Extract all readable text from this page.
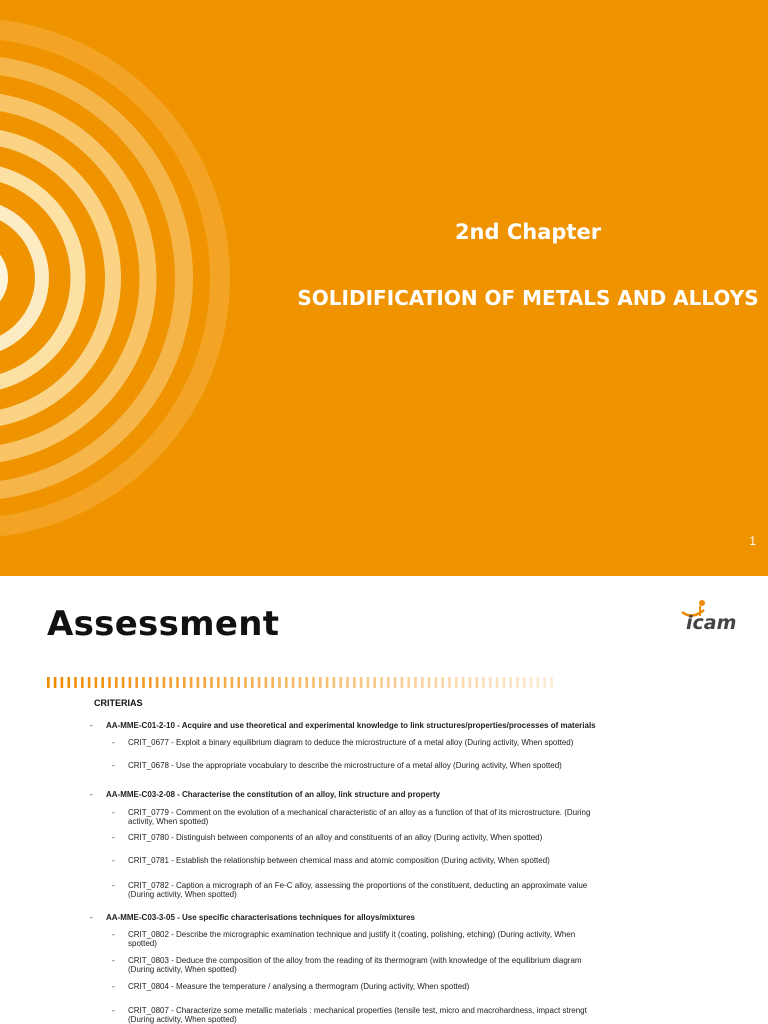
2nd Chapter
SOLIDIFICATION OF METALS AND ALLOYS
1
Assessment	icam
CRITERIAS
- AA-MME-C01-2-10 - Acquire and use theoretical and experimental knowledge to link structures/properties/processes of materials
- CRIT_0677 - Exploit a binary equilibrium diagram to deduce the microstructure of a metal alloy (During activity, When spotted)
- CRIT_0678 - Use the appropriate vocabulary to describe the microstructure of a metal alloy (During activity, When spotted)
- AA-MME-C03-2-08 - Characterise the constitution of an alloy, link structure and property
- CRIT_0779 - Comment on the evolution of a mechanical characteristic of an alloy as a function of that of its microstructure. (During
activity, When spotted)
- CRIT_0780 - Distinguish between components of an alloy and constituents of an alloy (During activity, When spotted)
- CRIT_0781 - Establish the relationship between chemical mass and atomic composition (During activity, When spotted)
- CRIT_0782 - Caption a micrograph of an Fe-C alloy, assessing the proportions of the constituent, deducting an approximate value
(During activity, When spotted)
- AA-MME-C03-3-05 - Use specific characterisations techniques for alloys/mixtures
- CRIT_0802 - Describe the micrographic examination technique and justify it (coating, polishing, etching) (During activity, When
spotted)
- CRIT_0803 - Deduce the composition of the alloy from the reading of its thermogram (with knowledge of the equilibrium diagram
(During activity, When spotted)
- CRIT_0804 - Measure the temperature / analysing a thermogram (During activity, When spotted)
- CRIT_0807 - Characterize some metallic materials : mechanical properties (tensile test, micro and macrohardness, impact strengt
(During activity, When spotted)
